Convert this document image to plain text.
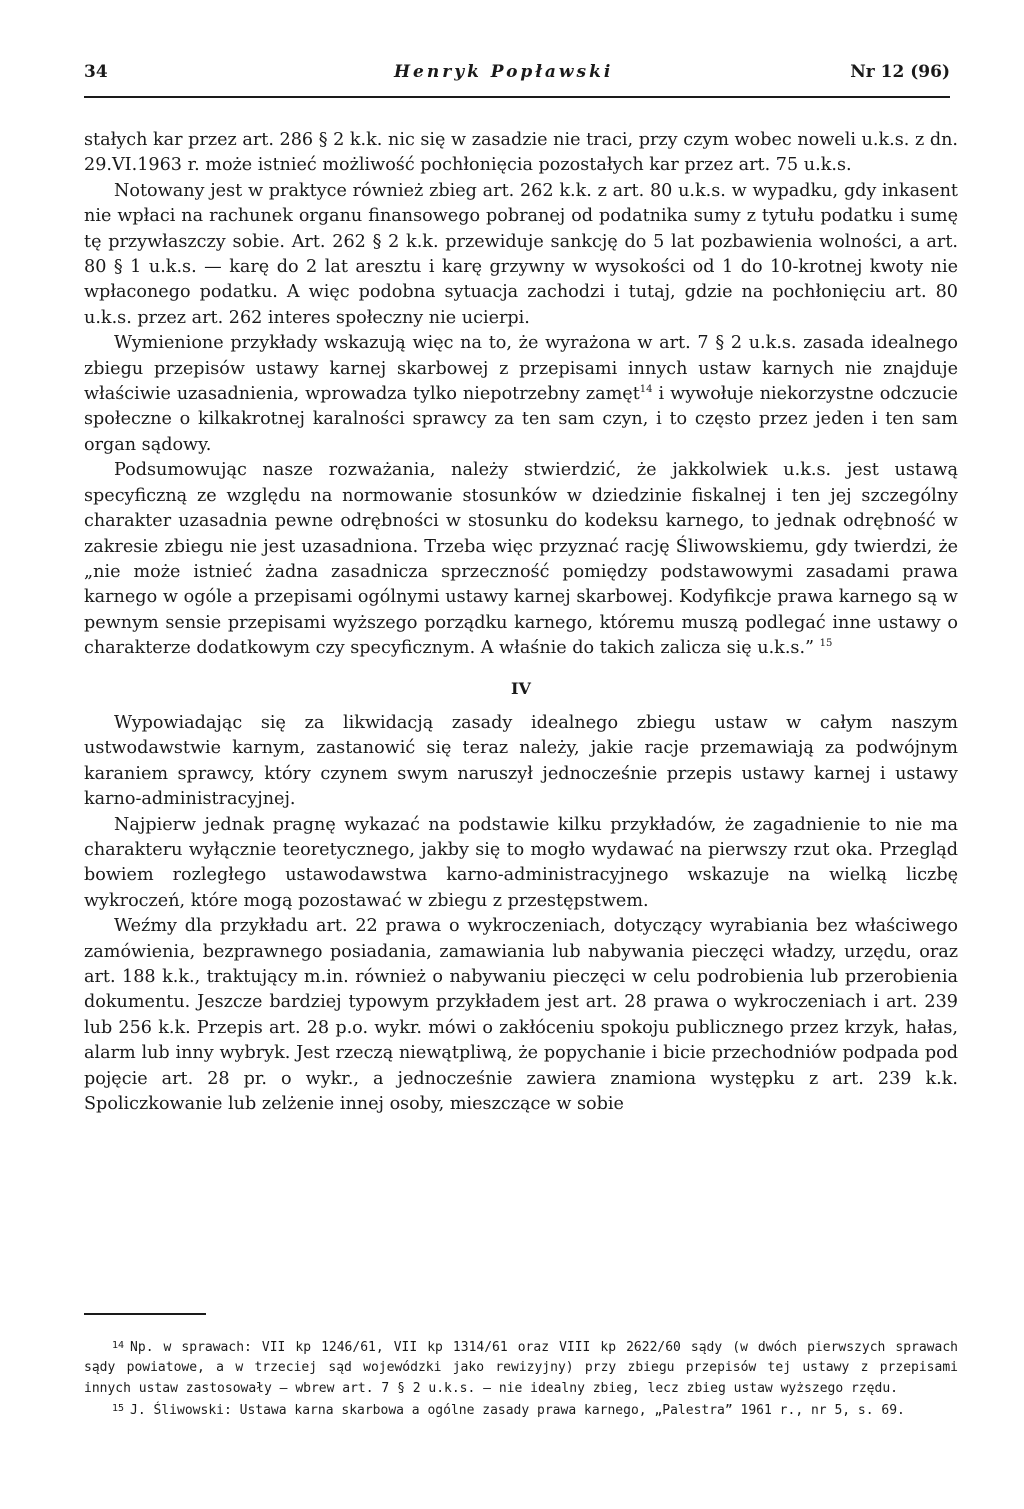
34	Henryk Popławski	Nr 12 (96)

stałych kar przez art. 286 § 2 k.k. nic się w zasadzie nie traci, przy czym wobec noweli u.k.s. z dn. 29.VI.1963 r. może istnieć możliwość pochłonięcia pozostałych kar przez art. 75 u.k.s.

Notowany jest w praktyce również zbieg art. 262 k.k. z art. 80 u.k.s. w wypadku, gdy inkasent nie wpłaci na rachunek organu finansowego pobranej od podatnika sumy z tytułu podatku i sumę tę przywłaszczy sobie. Art. 262 § 2 k.k. przewiduje sankcję do 5 lat pozbawienia wolności, a art. 80 § 1 u.k.s. — karę do 2 lat aresztu i karę grzywny w wysokości od 1 do 10-krotnej kwoty nie wpłaconego podatku. A więc podobna sytuacja zachodzi i tutaj, gdzie na pochłonięciu art. 80 u.k.s. przez art. 262 interes społeczny nie ucierpi.

Wymienione przykłady wskazują więc na to, że wyrażona w art. 7 § 2 u.k.s. zasada idealnego zbiegu przepisów ustawy karnej skarbowej z przepisami innych ustaw karnych nie znajduje właściwie uzasadnienia, wprowadza tylko niepotrzebny zamęt$^{14}$ i wywołuje niekorzystne odczucie społeczne o kilkakrotnej karalności sprawcy za ten sam czyn, i to często przez jeden i ten sam organ sądowy.

Podsumowując nasze rozważania, należy stwierdzić, że jakkolwiek u.k.s. jest ustawą specyficzną ze względu na normowanie stosunków w dziedzinie fiskalnej i ten jej szczególny charakter uzasadnia pewne odrębności w stosunku do kodeksu karnego, to jednak odrębność w zakresie zbiegu nie jest uzasadniona. Trzeba więc przyznać rację Śliwowskiemu, gdy twierdzi, że „nie może istnieć żadna zasadnicza sprzeczność pomiędzy podstawowymi zasadami prawa karnego w ogóle a przepisami ogólnymi ustawy karnej skarbowej. Kodyfikcje prawa karnego są w pewnym sensie przepisami wyższego porządku karnego, któremu muszą podlegać inne ustawy o charakterze dodatkowym czy specyficznym. A właśnie do takich zalicza się u.k.s.” $^{15}$

IV

Wypowiadając się za likwidacją zasady idealnego zbiegu ustaw w całym naszym ustwodawstwie karnym, zastanowić się teraz należy, jakie racje przemawiają za podwójnym karaniem sprawcy, który czynem swym naruszył jednocześnie przepis ustawy karnej i ustawy karno-administracyjnej.

Najpierw jednak pragnę wykazać na podstawie kilku przykładów, że zagadnienie to nie ma charakteru wyłącznie teoretycznego, jakby się to mogło wydawać na pierwszy rzut oka. Przegląd bowiem rozległego ustawodawstwa karno-administracyjnego wskazuje na wielką liczbę wykroczeń, które mogą pozostawać w zbiegu z przestępstwem.

Weźmy dla przykładu art. 22 prawa o wykroczeniach, dotyczący wyrabiania bez właściwego zamówienia, bezprawnego posiadania, zamawiania lub nabywania pieczęci władzy, urzędu, oraz art. 188 k.k., traktujący m.in. również o nabywaniu pieczęci w celu podrobienia lub przerobienia dokumentu. Jeszcze bardziej typowym przykładem jest art. 28 prawa o wykroczeniach i art. 239 lub 256 k.k. Przepis art. 28 p.o. wykr. mówi o zakłóceniu spokoju publicznego przez krzyk, hałas, alarm lub inny wybryk. Jest rzeczą niewątpliwą, że popychanie i bicie przechodniów podpada pod pojęcie art. 28 pr. o wykr., a jednocześnie zawiera znamiona występku z art. 239 k.k. Spoliczkowanie lub zelżenie innej osoby, mieszczące w sobie

$^{14}$ Np. w sprawach: VII kp 1246/61, VII kp 1314/61 oraz VIII kp 2622/60 sądy (w dwóch pierwszych sprawach sądy powiatowe, a w trzeciej sąd wojewódzki jako rewizyjny) przy zbiegu przepisów tej ustawy z przepisami innych ustaw zastosowały — wbrew art. 7 § 2 u.k.s. — nie idealny zbieg, lecz zbieg ustaw wyższego rzędu.

$^{15}$ J. Śliwowski: Ustawa karna skarbowa a ogólne zasady prawa karnego, „Palestra” 1961 r., nr 5, s. 69.
